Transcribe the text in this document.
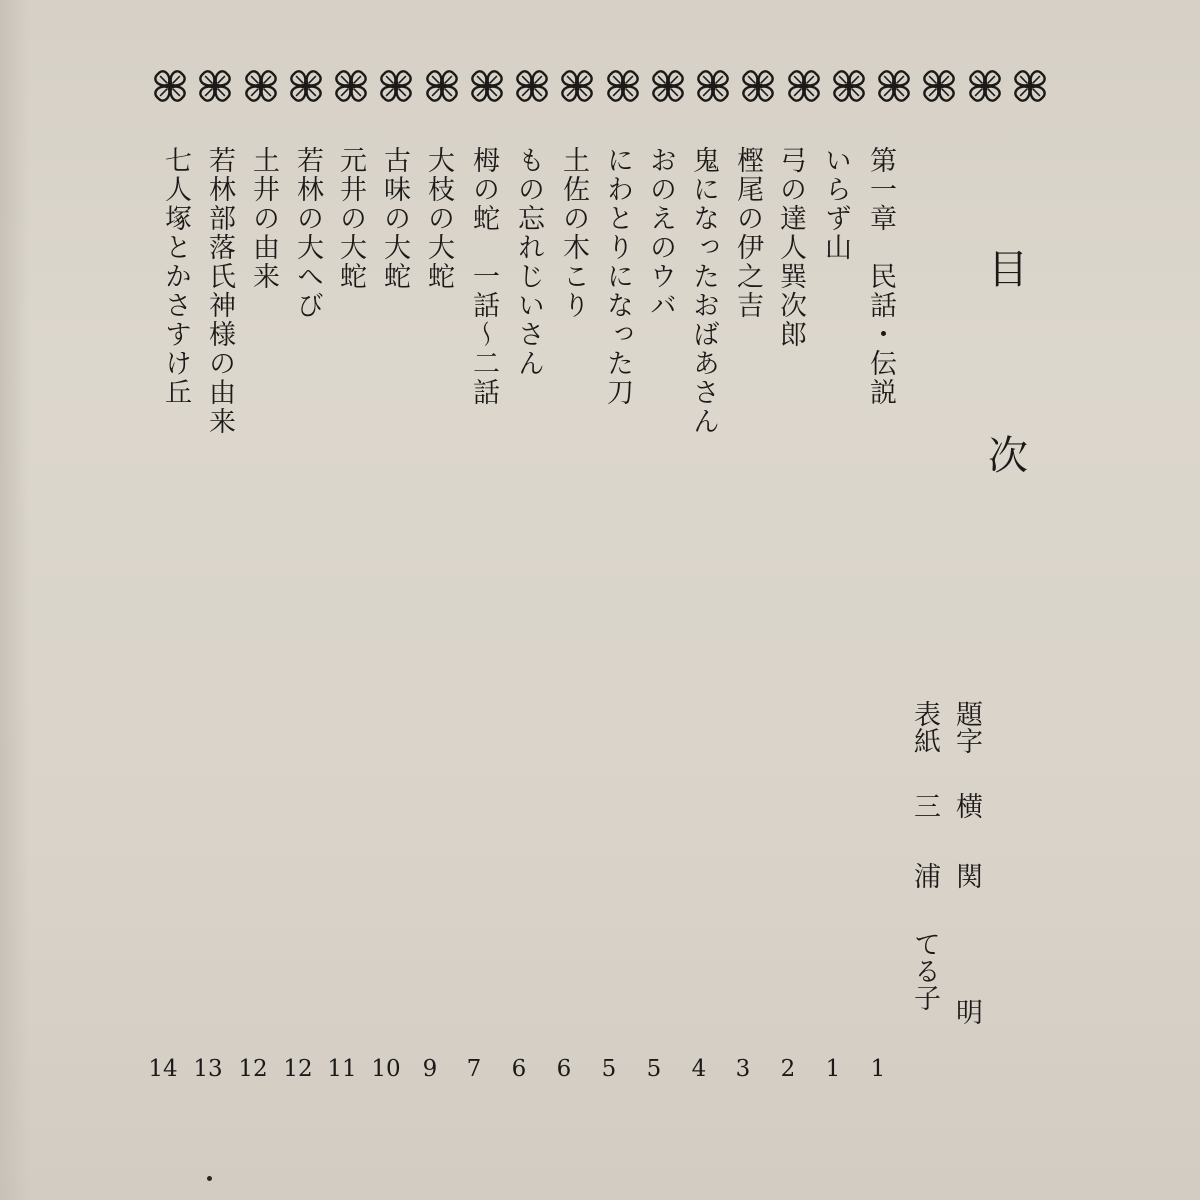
目
次
第一章　民話・伝説
いらず山
弓の達人巽次郎
樫尾の伊之吉
鬼になったおばあさん
おのえのウバ
にわとりになった刀
土佐の木こり
もの忘れじいさん
栂の蛇　一話〜二話
大枝の大蛇
古味の大蛇
元井の大蛇
若林の大へび
土井の由来
若林部落氏神様の由来
七人塚とかさすけ丘
題字
横
関
明
表紙
三
浦
てる子
1
1
2
3
4
5
5
6
6
7
9
10
11
12
12
13
14
